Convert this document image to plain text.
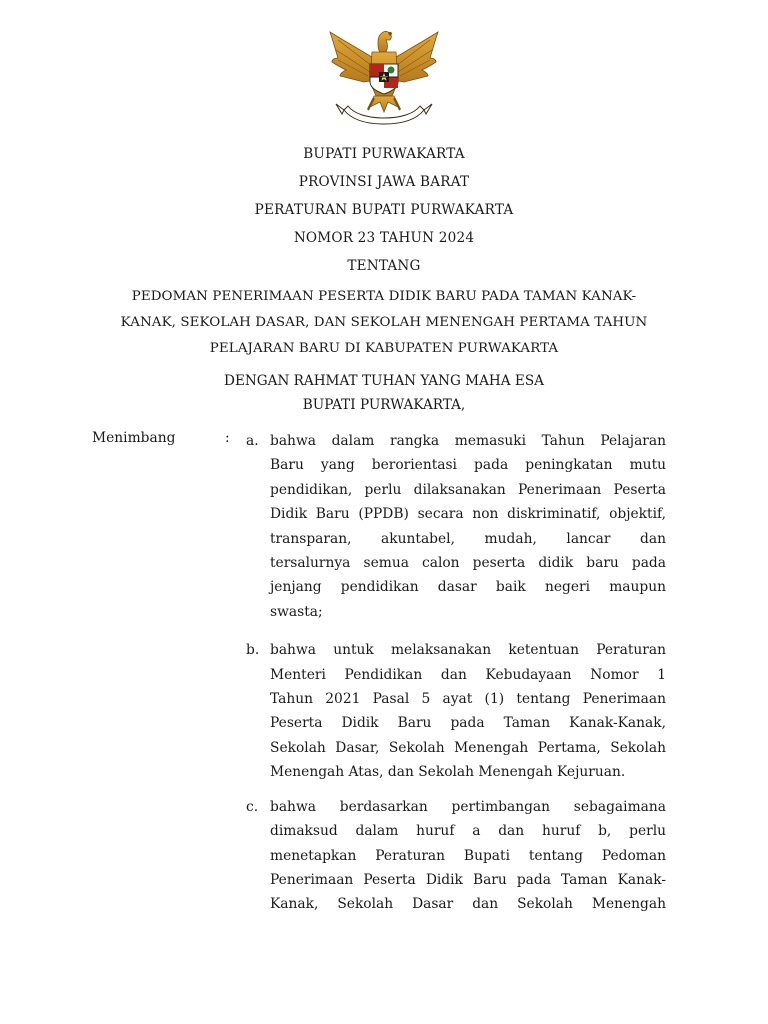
BUPATI PURWAKARTA
PROVINSI JAWA BARAT
PERATURAN BUPATI PURWAKARTA
NOMOR 23 TAHUN 2024
TENTANG
PEDOMAN PENERIMAAN PESERTA DIDIK BARU PADA TAMAN KANAK-
KANAK, SEKOLAH DASAR, DAN SEKOLAH MENENGAH PERTAMA TAHUN
PELAJARAN BARU DI KABUPATEN PURWAKARTA
DENGAN RAHMAT TUHAN YANG MAHA ESA
BUPATI PURWAKARTA,
Menimbang	: a. bahwa dalam rangka memasuki Tahun Pelajaran
Baru yang berorientasi pada peningkatan mutu
pendidikan, perlu dilaksanakan Penerimaan Peserta
Didik Baru (PPDB) secara non diskriminatif, objektif,
transparan, akuntabel, mudah, lancar dan
tersalurnya semua calon peserta didik baru pada
jenjang pendidikan dasar baik negeri maupun
swasta;
b. bahwa untuk melaksanakan ketentuan Peraturan
Menteri Pendidikan dan Kebudayaan Nomor 1
Tahun 2021 Pasal 5 ayat (1) tentang Penerimaan
Peserta Didik Baru pada Taman Kanak-Kanak,
Sekolah Dasar, Sekolah Menengah Pertama, Sekolah
Menengah Atas, dan Sekolah Menengah Kejuruan.
c. bahwa berdasarkan pertimbangan sebagaimana
dimaksud dalam huruf a dan huruf b, perlu
menetapkan Peraturan Bupati tentang Pedoman
Penerimaan Peserta Didik Baru pada Taman Kanak-
Kanak, Sekolah Dasar dan Sekolah Menengah
